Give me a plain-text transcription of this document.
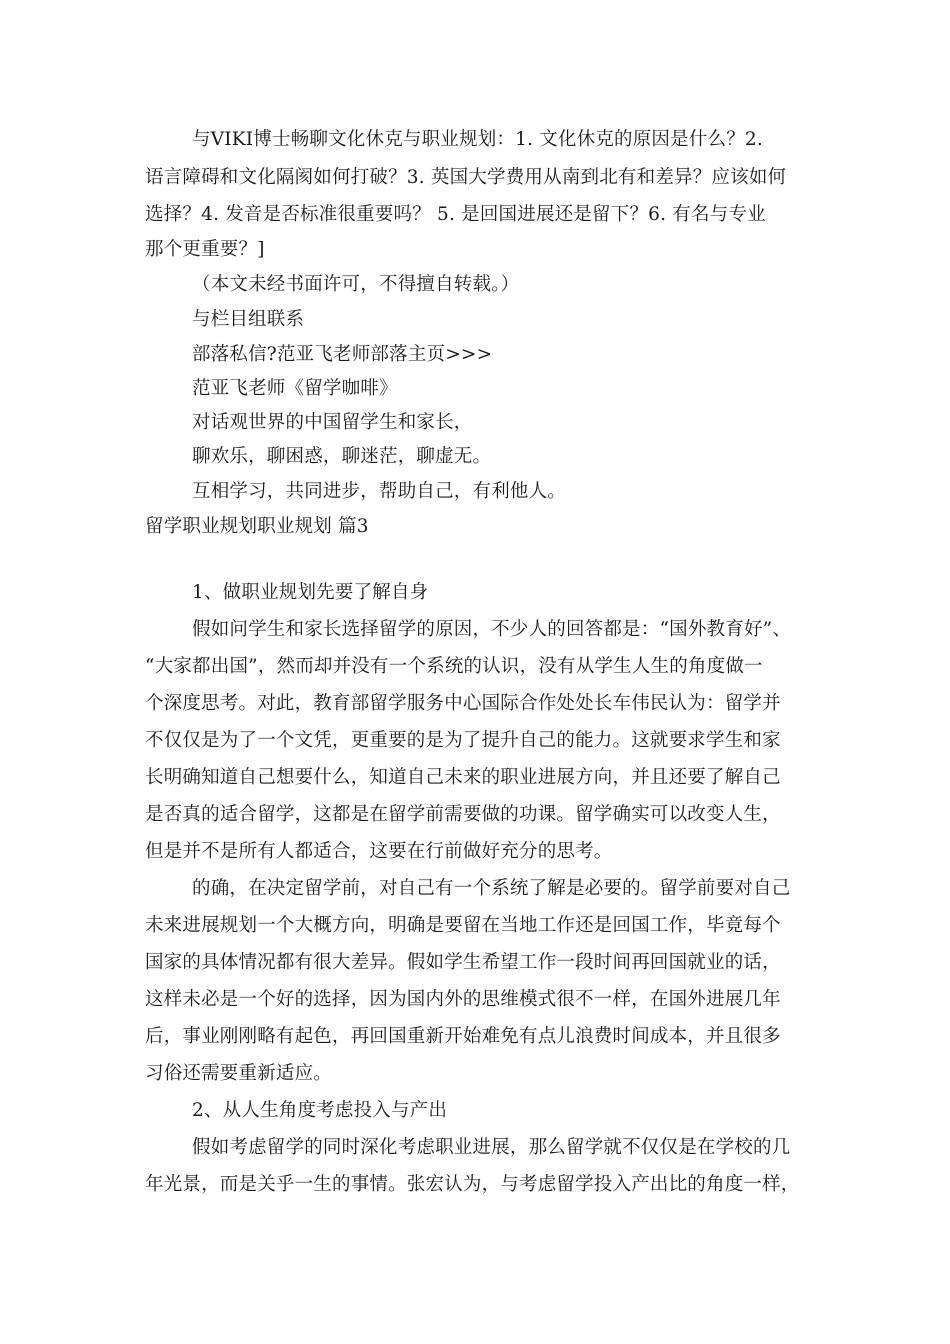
与VIKI博士畅聊文化休克与职业规划：1. 文化休克的原因是什么？2.
语言障碍和文化隔阂如何打破？3. 英国大学费用从南到北有和差异？应该如何
选择？4. 发音是否标准很重要吗？ 5. 是回国进展还是留下？6. 有名与专业
那个更重要？]
（本文未经书面许可，不得擅自转载。）
与栏目组联系
部落私信?范亚飞老师部落主页>>>
范亚飞老师《留学咖啡》
对话观世界的中国留学生和家长，
聊欢乐，聊困惑，聊迷茫，聊虚无。
互相学习，共同进步，帮助自己，有利他人。
留学职业规划职业规划 篇3
1、做职业规划先要了解自身
假如问学生和家长选择留学的原因，不少人的回答都是：“国外教育好”、
“大家都出国”，然而却并没有一个系统的认识，没有从学生人生的角度做一
个深度思考。对此，教育部留学服务中心国际合作处处长车伟民认为：留学并
不仅仅是为了一个文凭，更重要的是为了提升自己的能力。这就要求学生和家
长明确知道自己想要什么，知道自己未来的职业进展方向，并且还要了解自己
是否真的适合留学，这都是在留学前需要做的功课。留学确实可以改变人生，
但是并不是所有人都适合，这要在行前做好充分的思考。
的确，在决定留学前，对自己有一个系统了解是必要的。留学前要对自己
未来进展规划一个大概方向，明确是要留在当地工作还是回国工作，毕竟每个
国家的具体情况都有很大差异。假如学生希望工作一段时间再回国就业的话，
这样未必是一个好的选择，因为国内外的思维模式很不一样，在国外进展几年
后，事业刚刚略有起色，再回国重新开始难免有点儿浪费时间成本，并且很多
习俗还需要重新适应。
2、从人生角度考虑投入与产出
假如考虑留学的同时深化考虑职业进展，那么留学就不仅仅是在学校的几
年光景，而是关乎一生的事情。张宏认为，与考虑留学投入产出比的角度一样，
